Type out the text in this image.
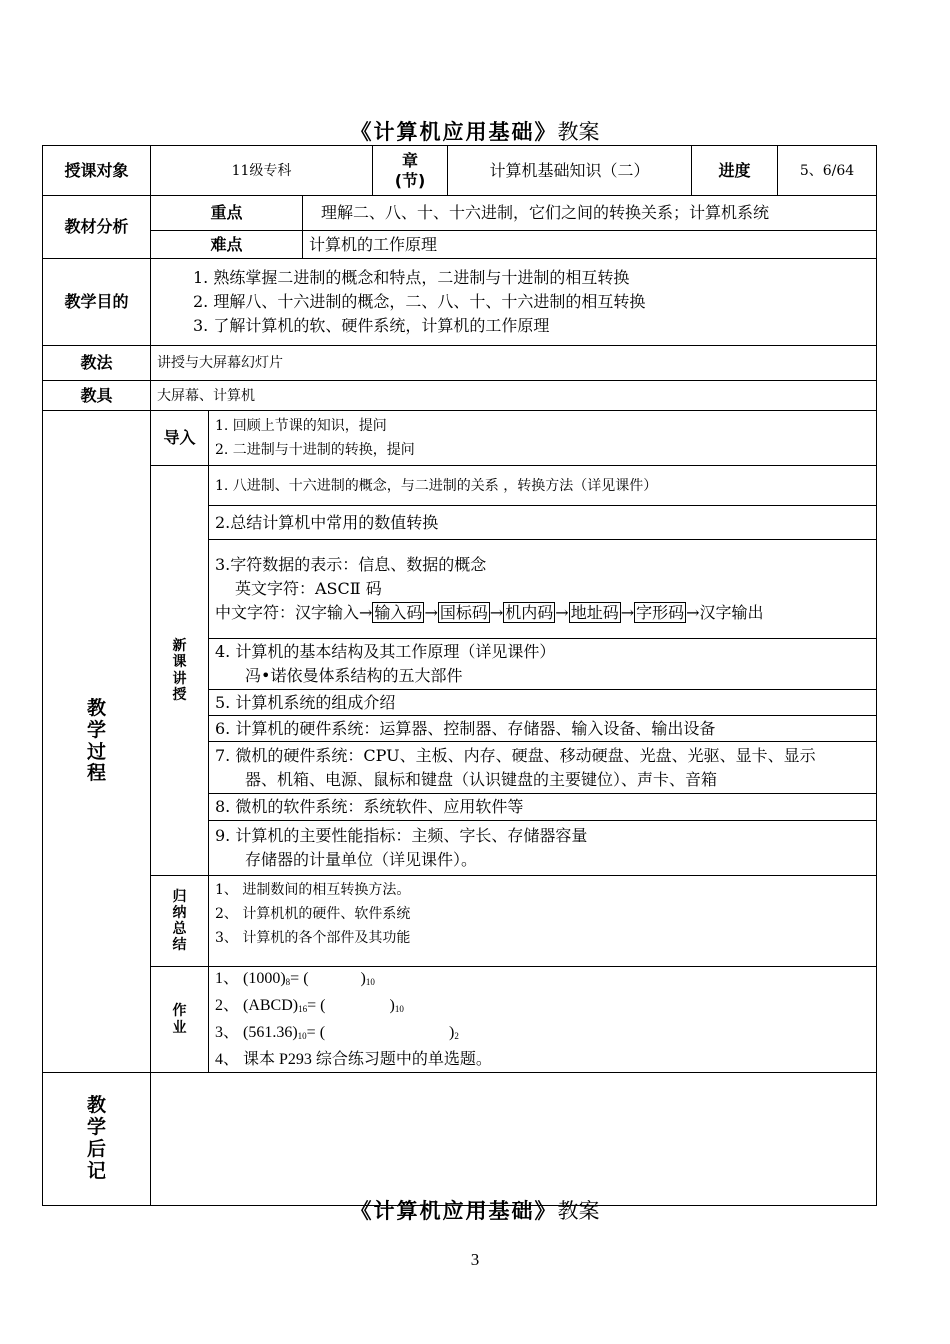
《计算机应用基础》教案
授课对象	11级专科			章
(节)	计算机基础知识（二）	进度	5、6/64
教材分析	重点		理解二、八、十、十六进制，它们之间的转换关系；计算机系统				
	难点		计算机的工作原理				
教学目的	1. 熟练掌握二进制的概念和特点，二进制与十进制的相互转换
2. 理解八、十六进制的概念，二、八、十、十六进制的相互转换
3. 了解计算机的软、硬件系统，计算机的工作原理						

教法	讲授与大屏幕幻灯片						
教具	大屏幕、计算机						

教
学
过
程	导入	1. 回顾上节课的知识，提问
2. 二进制与十进制的转换，提问					

	新
课
讲
授	1. 八进制、十六进制的概念，与二进制的关系 ，转换方法（详见课件）					
		2.总结计算机中常用的数值转换					

		3.字符数据的表示：信息、数据的概念
英文字符：ASCⅡ 码
中文字符：汉字输入→ 输入码 → 国标码 → 机内码 → 地址码 → 字形码 →汉字输出					

		4. 计算机的基本结构及其工作原理（详见课件）
冯•诺依曼体系结构的五大部件					

		5. 计算机系统的组成介绍					
		6. 计算机的硬件系统：运算器、控制器、存储器、输入设备、输出设备					

		7. 微机的硬件系统：CPU、主板、内存、硬盘、移动硬盘、光盘、光驱、显卡、显示
器、机箱、电源、鼠标和键盘（认识键盘的主要键位）、声卡、音箱					

		8. 微机的软件系统：系统软件、应用软件等					

		9. 计算机的主要性能指标：主频、字长、存储器容量
存储器的计量单位（详见课件）。					

	归
纳
总
结	1、 进制数间的相互转换方法。
2、 计算机机的硬件、软件系统
3、 计算机的各个部件及其功能					

	作
业	1、 $(1000)_8=$ ( )$_{10}$
2、 $(ABCD)_{16}=$ ( )$_{10}$
3、 $(561.36)_{10}=$ ( )$_2$
4、 课本 P293 综合练习题中的单选题。					

教
学
后
记							

《计算机应用基础》教案
3
